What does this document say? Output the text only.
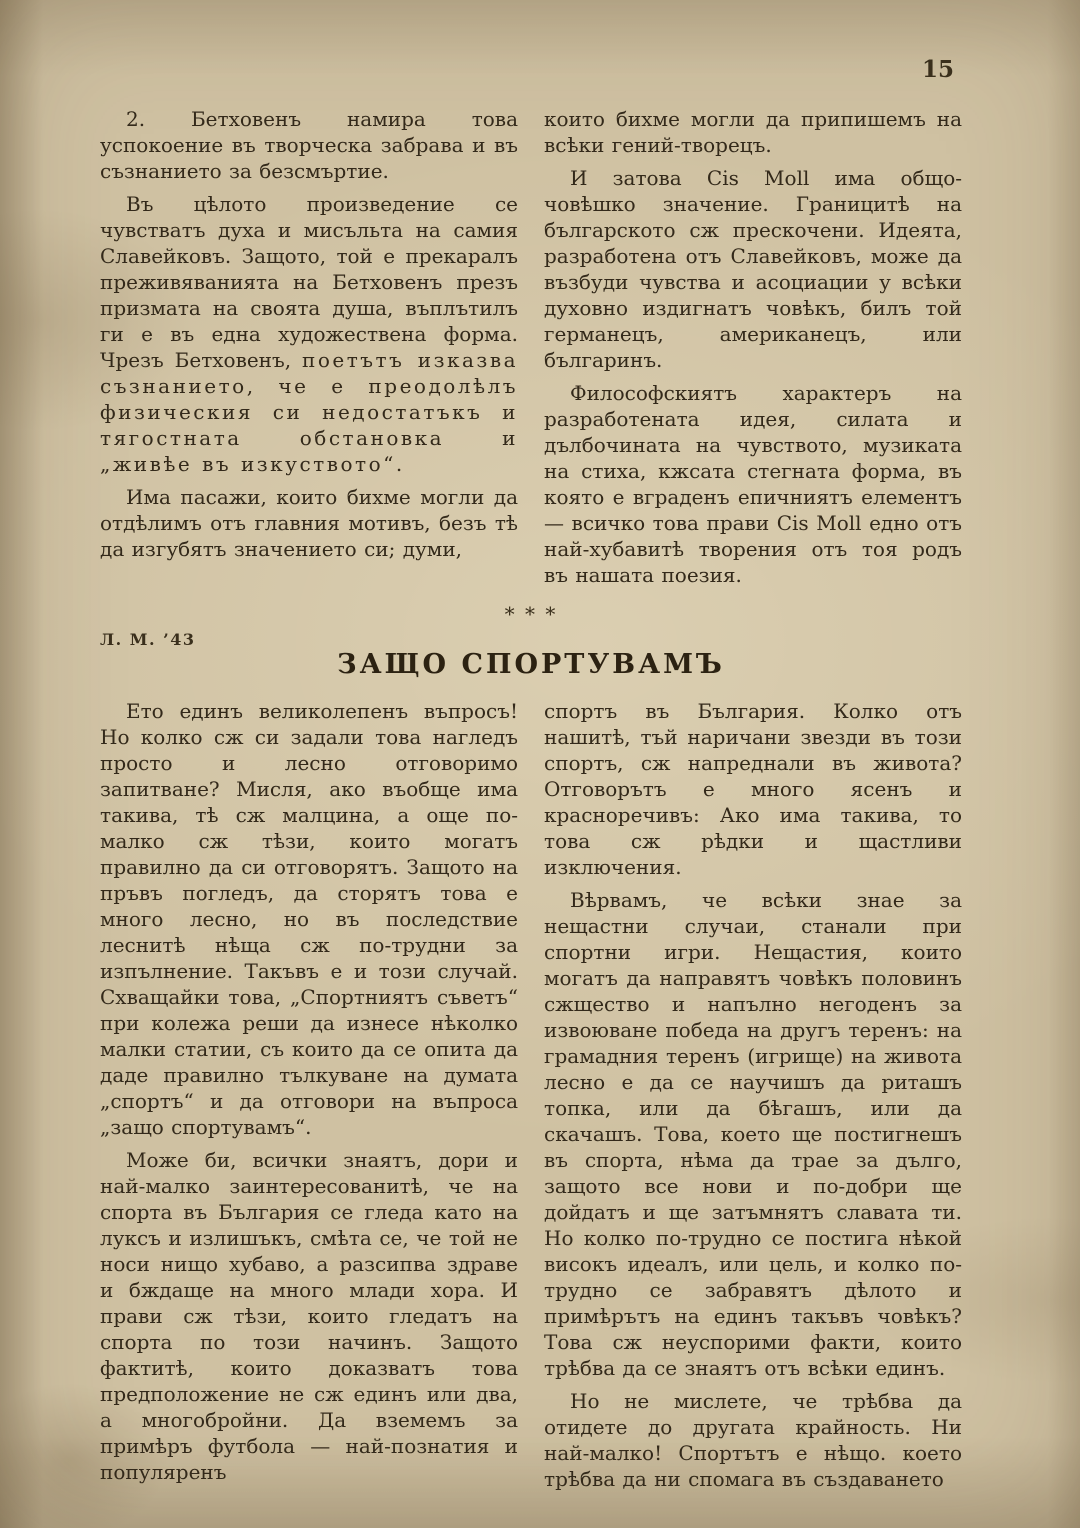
15

2. Бетховенъ намира това успокоение въ творческа забрава и въ съзнанието за безсмъртие.

Въ цѣлото произведение се чувстватъ духа и мисъльта на самия Славейковъ. Защото, той е прекаралъ преживяванията на Бетховенъ презъ призмата на своята душа, въплътилъ ги е въ една художествена форма. Чрезъ Бетховенъ, поетътъ изказва съзнанието, че е преодолѣлъ физическия си недостатъкъ и тягостната обстановка и „живѣе въ изкуството“.

Има пасажи, които бихме могли да отдѣлимъ отъ главния мотивъ, безъ тѣ да изгубятъ значението си; думи,

които бихме могли да припишемъ на всѣки гений-творецъ.

И затова Cis Moll има общо-човѣшко значение. Границитѣ на българското сж прескочени. Идеята, разработена отъ Славейковъ, може да възбуди чувства и асоциации у всѣки духовно издигнатъ човѣкъ, билъ той германецъ, американецъ, или българинъ.

Философскиятъ характеръ на разработената идея, силата и дълбочината на чувството, музиката на стиха, кжсата стегната форма, въ която е вграденъ епичниятъ елементъ — всичко това прави Cis Moll едно отъ най-хубавитѣ творения отъ тоя родъ въ нашата поезия.

* * *
Л. М. ’43
ЗАЩО СПОРТУВАМЪ

Ето единъ великолепенъ въпросъ! Но колко сж си задали това нагледъ просто и лесно отговоримо запитване? Мисля, ако въобще има такива, тѣ сж малцина, а още по-малко сж тѣзи, които могатъ правилно да си отговорятъ. Защото на пръвъ погледъ, да сторятъ това е много лесно, но въ последствие леснитѣ нѣща сж по-трудни за изпълнение. Такъвъ е и този случай. Схващайки това, „Спортниятъ съветъ“ при колежа реши да изнесе нѣколко малки статии, съ които да се опита да даде правилно тълкуване на думата „спортъ“ и да отговори на въпроса „защо спортувамъ“.

Може би, всички знаятъ, дори и най-малко заинтересованитѣ, че на спорта въ България се гледа като на луксъ и излишъкъ, смѣта се, че той не носи нищо хубаво, а разсипва здраве и бждаще на много млади хора. И прави сж тѣзи, които гледатъ на спорта по този начинъ. Защото фактитѣ, които доказватъ това предположение не сж единъ или два, а многобройни. Да вземемъ за примѣръ футбола — най-познатия и популяренъ

спортъ въ България. Колко отъ нашитѣ, тъй наричани звезди въ този спортъ, сж напреднали въ живота? Отговорътъ е много ясенъ и красноречивъ: Ако има такива, то това сж рѣдки и щастливи изключения.

Вѣрвамъ, че всѣки знае за нещастни случаи, станали при спортни игри. Нещастия, които могатъ да направятъ човѣкъ половинъ сжщество и напълно негоденъ за извоюване победа на другъ теренъ: на грамадния теренъ (игрище) на живота лесно е да се научишъ да риташъ топка, или да бѣгашъ, или да скачашъ. Това, което ще постигнешъ въ спорта, нѣма да трае за дълго, защото все нови и по-добри ще дойдатъ и ще затъмнятъ славата ти. Но колко по-трудно се постига нѣкой високъ идеалъ, или цель, и колко по-трудно се забравятъ дѣлото и примѣрътъ на единъ такъвъ човѣкъ? Това сж неуспорими факти, които трѣбва да се знаятъ отъ всѣки единъ.

Но не мислете, че трѣбва да отидете до другата крайность. Ни най-малко! Спортътъ е нѣщо. което трѣбва да ни спомага въ създаването
